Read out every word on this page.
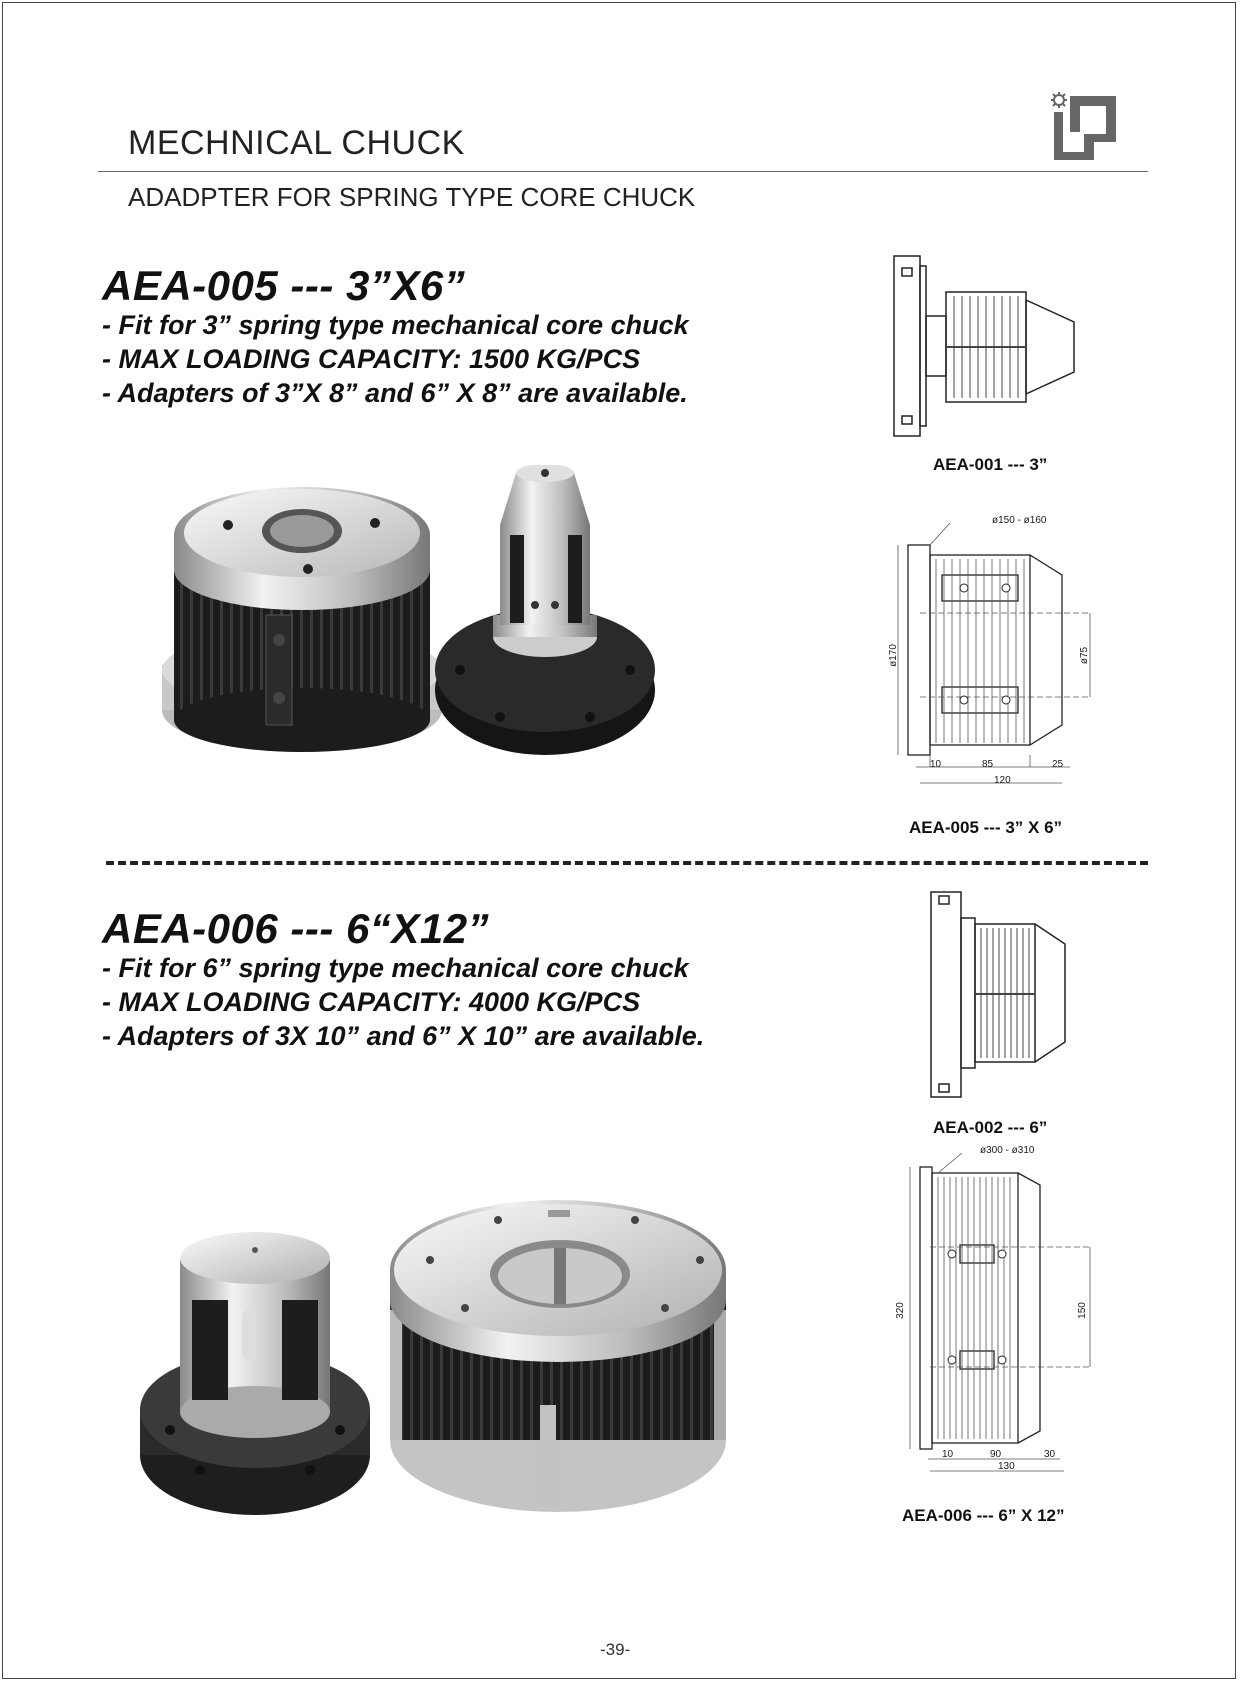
MECHNICAL CHUCK
ADADPTER FOR SPRING TYPE CORE CHUCK
AEA-005 --- 3”X6”
- Fit for 3” spring type mechanical core chuck
- MAX LOADING CAPACITY: 1500 KG/PCS
- Adapters of 3”X 8” and 6” X 8” are available.
AEA-001 --- 3”
ø150 - ø160
ø170	ø75
10	85	25
120
AEA-005 --- 3” X 6”
AEA-006 --- 6“X12”
- Fit for 6” spring type mechanical core chuck
- MAX LOADING CAPACITY: 4000 KG/PCS
- Adapters of 3X 10” and 6” X 10” are available.
AEA-002 --- 6”
ø300 - ø310
320	150
10	90	30
130
AEA-006 --- 6” X 12”
-39-
